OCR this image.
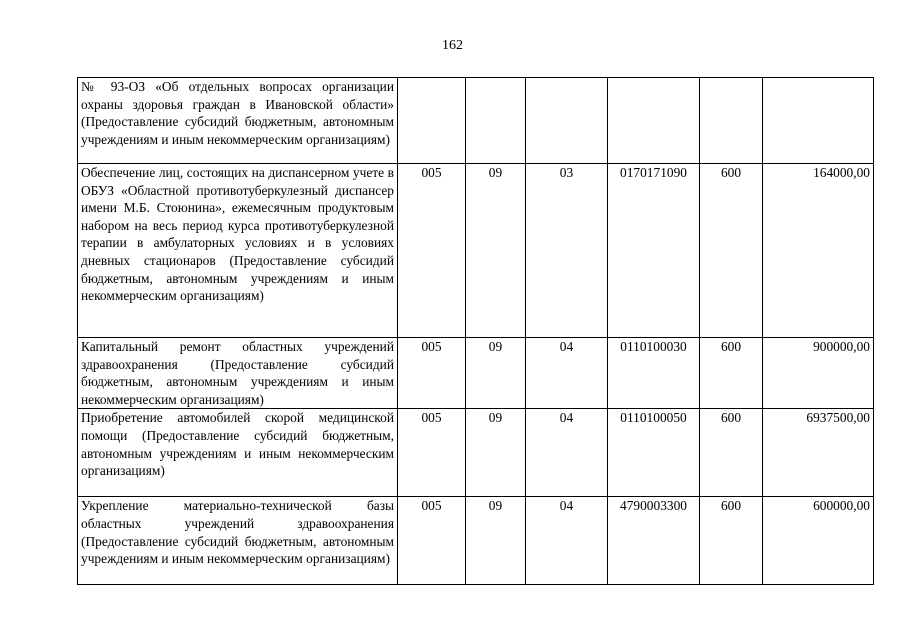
162
№ 93-ОЗ «Об отдельных вопросах организации охраны здоровья граждан в Ивановской области» (Предоставление субсидий бюджетным, автономным учреждениям и иным некоммерческим организациям)						
Обеспечение лиц, состоящих на диспансерном учете в ОБУЗ «Областной противотуберкулезный диспансер имени М.Б. Стоюнина», ежемесячным продуктовым набором на весь период курса противотуберкулезной терапии в амбулаторных условиях и в условиях дневных стационаров (Предоставление субсидий бюджетным, автономным учреждениям и иным некоммерческим организациям)	005	09	03	0170171090	600	164000,00
Капитальный ремонт областных учреждений здравоохранения (Предоставление субсидий бюджетным, автономным учреждениям и иным некоммерческим организациям)	005	09	04	0110100030	600	900000,00
Приобретение автомобилей скорой медицинской помощи (Предоставление субсидий бюджетным, автономным учреждениям и иным некоммерческим организациям)	005	09	04	0110100050	600	6937500,00
Укрепление материально-технической базы областных учреждений здравоохранения (Предоставление субсидий бюджетным, автономным учреждениям и иным некоммерческим организациям)	005	09	04	4790003300	600	600000,00
